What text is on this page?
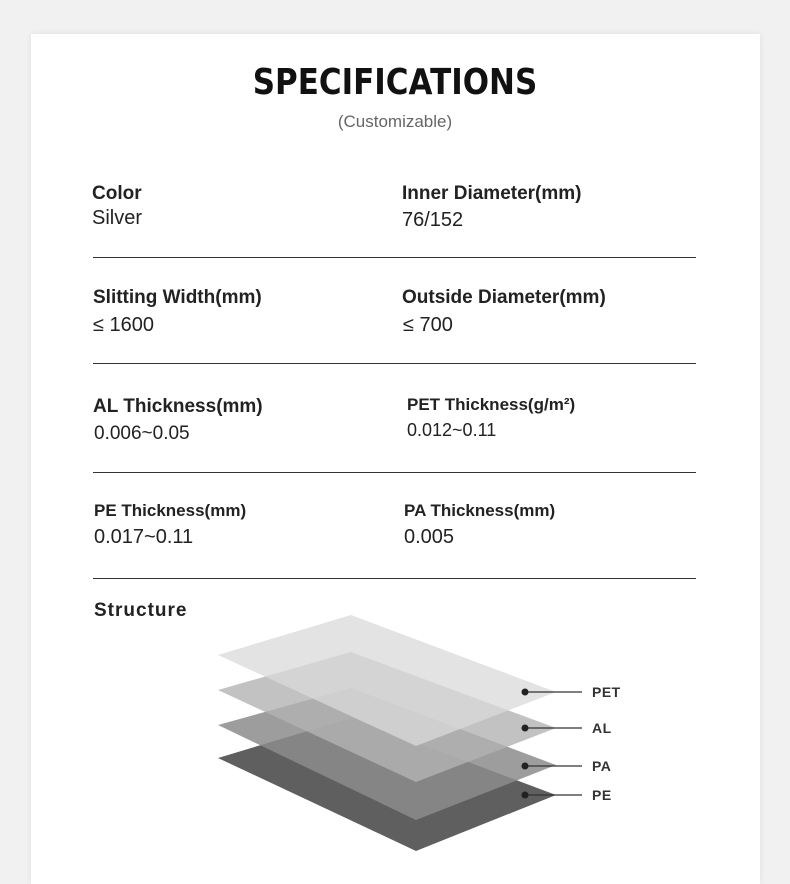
SPECIFICATIONS
(Customizable)
Color
Silver
Inner Diameter(mm)
76/152
Slitting Width(mm)
≤ 1600
Outside Diameter(mm)
≤ 700
AL Thickness(mm)
0.006~0.05
PET Thickness(g/m²)
0.012~0.11
PE Thickness(mm)
0.017~0.11
PA Thickness(mm)
0.005
Structure
PET
AL
PA
PE
